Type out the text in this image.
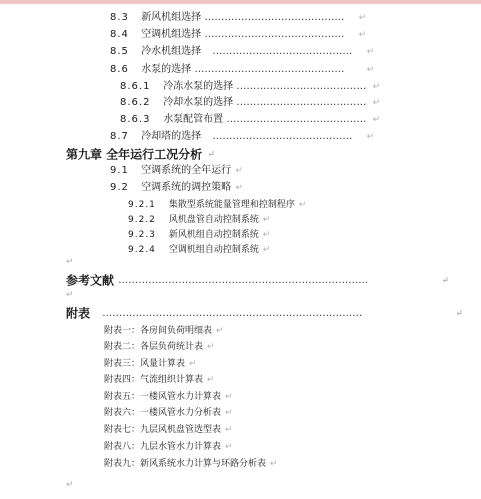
8.3 新风机组选择 …………………………………… ↵
8.4 空调机组选择 …………………………………… ↵
8.5 冷水机组选择 …………………………………… ↵
8.6 水泵的选择 ……………………………………… ↵
8.6.1 冷冻水泵的选择 ………………………………… ↵
8.6.2 冷却水泵的选择 ………………………………… ↵
8.6.3 水泵配管布置 …………………………………… ↵
8.7 冷却塔的选择 …………………………………… ↵
第九章 全年运行工况分析 ↵
9.1 空调系统的全年运行 ↵
9.2 空调系统的调控策略 ↵
9.2.1 集散型系统能量管理和控制程序 ↵
9.2.2 风机盘管自动控制系统 ↵
9.2.3 新风机组自动控制系统 ↵
9.2.4 空调机组自动控制系统 ↵
↵
参考文献 …………………………………………………………………	↵
↵
附表 ……………………………………………………………………	↵
附表一：各房间负荷明细表 ↵
附表二：各层负荷统计表 ↵
附表三：风量计算表 ↵
附表四：气流组织计算表 ↵
附表五：一楼风管水力计算表 ↵
附表六：一楼风管水力分析表 ↵
附表七：九层风机盘管选型表 ↵
附表八：九层水管水力计算表 ↵
附表九：新风系统水力计算与环路分析表 ↵
↵
